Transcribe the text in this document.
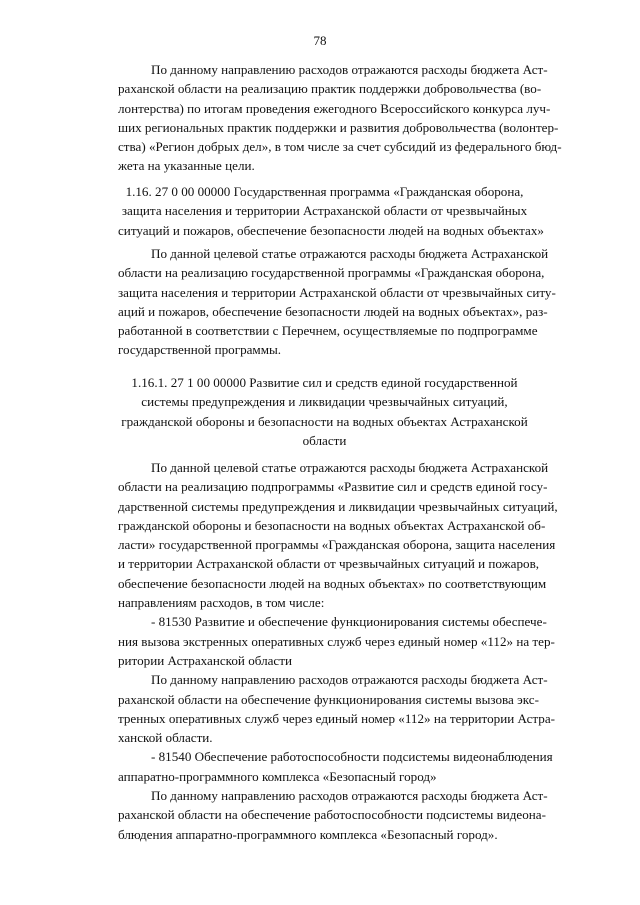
78
По данному направлению расходов отражаются расходы бюджета Аст-
раханской области на реализацию практик поддержки добровольчества (во-
лонтерства) по итогам проведения ежегодного Всероссийского конкурса луч-
ших региональных практик поддержки и развития добровольчества (волонтер-
ства) «Регион добрых дел», в том числе за счет субсидий из федерального бюд-
жета на указанные цели.
1.16. 27 0 00 00000 Государственная программа «Гражданская оборона,
защита населения и территории Астраханской области от чрезвычайных
ситуаций и пожаров, обеспечение безопасности людей на водных объектах»
По данной целевой статье отражаются расходы бюджета Астраханской
области на реализацию государственной программы «Гражданская оборона,
защита населения и территории Астраханской области от чрезвычайных ситу-
аций и пожаров, обеспечение безопасности людей на водных объектах», раз-
работанной в соответствии с Перечнем, осуществляемые по подпрограмме
государственной программы.
1.16.1. 27 1 00 00000 Развитие сил и средств единой государственной
системы предупреждения и ликвидации чрезвычайных ситуаций,
гражданской обороны и безопасности на водных объектах Астраханской
области
По данной целевой статье отражаются расходы бюджета Астраханской
области на реализацию подпрограммы «Развитие сил и средств единой госу-
дарственной системы предупреждения и ликвидации чрезвычайных ситуаций,
гражданской обороны и безопасности на водных объектах Астраханской об-
ласти» государственной программы «Гражданская оборона, защита населения
и территории Астраханской области от чрезвычайных ситуаций и пожаров,
обеспечение безопасности людей на водных объектах» по соответствующим
направлениям расходов, в том числе:
- 81530 Развитие и обеспечение функционирования системы обеспече-
ния вызова экстренных оперативных служб через единый номер «112» на тер-
ритории Астраханской области
По данному направлению расходов отражаются расходы бюджета Аст-
раханской области на обеспечение функционирования системы вызова экс-
тренных оперативных служб через единый номер «112» на территории Астра-
ханской области.
- 81540 Обеспечение работоспособности подсистемы видеонаблюдения
аппаратно-программного комплекса «Безопасный город»
По данному направлению расходов отражаются расходы бюджета Аст-
раханской области на обеспечение работоспособности подсистемы видеона-
блюдения аппаратно-программного комплекса «Безопасный город».
